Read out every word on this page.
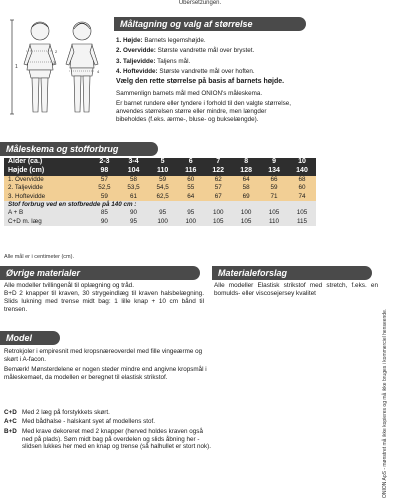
Ubersetzungen.
1
2
3
4
Måltagning og valg af størrelse
1. Højde: Barnets legemshøjde.
2. Overvidde: Største vandrette mål over brystet.
3. Taljevidde: Taljens mål.
4. Hoftevidde: Største vandrette mål over hoften.
Vælg den rette størrelse på basis af barnets højde.
Sammenlign barnets mål med ONION's måleskema.
Er barnet rundere eller tyndere i forhold til den valgte størrelse, anvendes størrelsen større eller mindre, men længder bibeholdes (f.eks. ærme-, bluse- og bukselængde).
Måleskema og stofforbrug
Alder (ca.)	2-3	3-4	5	6	7	8	9	10
Højde (cm)	98	104	110	116	122	128	134	140
1. Overvidde	57	58	59	60	62	64	66	68
2. Taljevidde	52,5	53,5	54,5	55	57	58	59	60
3. Hoftevidde	59	61	62,5	64	67	69	71	74
Stof forbrug ved en stofbredde på 140 cm :								
A + B	85	90	95	95	100	100	105	105
C+D m. læg	90	95	100	100	105	105	110	115
Alle mål er i centimeter (cm).
Øvrige materialer

Alle modeller tvillingenål til oplægning og tråd.

B+D 2 knapper til kraven, 30 strygeindlæg til kraven halsbelægning. Slids lukning med trense midt bag: 1 lille knap + 10 cm bånd til trensen.

Materialeforslag
Alle modeller Elastisk strikstof med stretch, f.eks. en bomulds- eller viscosejersey kvalitet
Model

Retrokjoler i empiresnit med kropsnæreoverdel med fille vingeærme og skørt i A-facon.

Bemærk! Mønsterdelene er nogen steder mindre end angivne kropsmål i måleskemaet, da modellen er beregnet til elastisk strikstof.

C+D Med 2 læg på forstykkets skørt.
A+C Med bådhalse - halskant syet af modellens stof.
B+D Med krave dekoreret med 2 knapper (herved holdes kraven også ned på plads). Søm midt bag på overdelen og slids åbning her - slidsen lukkes her med en knap og trense (så halhullet er stort nok).	ONION ApS - mønstret må ikke kopieres og må ikke bruges i kommerciel henseende.
